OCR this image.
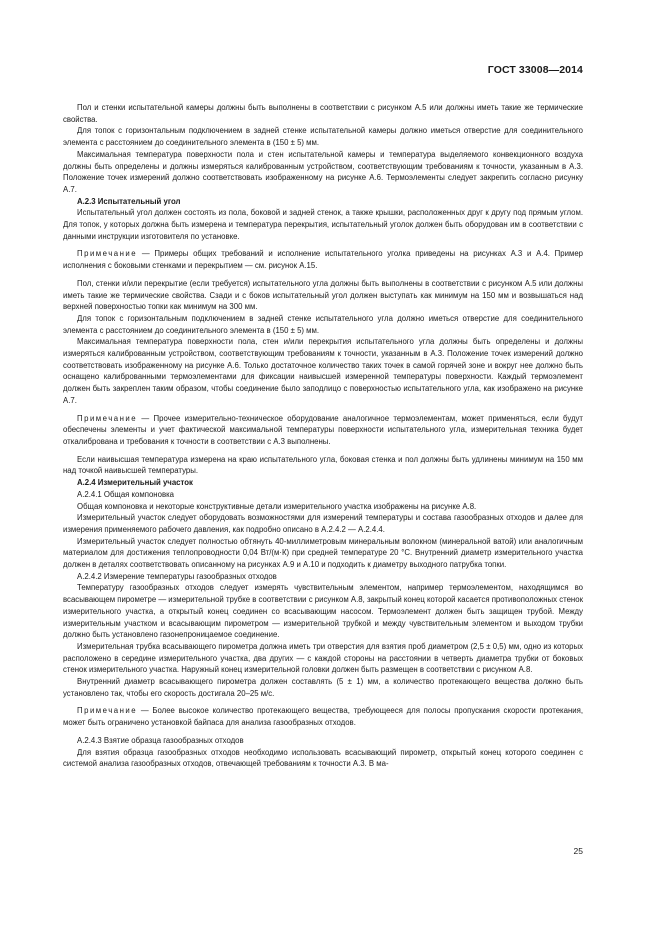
ГОСТ 33008—2014

Пол и стенки испытательной камеры должны быть выполнены в соответствии с рисунком А.5 или должны иметь такие же термические свойства.

Для топок с горизонтальным подключением в задней стенке испытательной камеры должно иметься отверстие для соединительного элемента с расстоянием до соединительного элемента в (150 ± 5) мм.

Максимальная температура поверхности пола и стен испытательной камеры и температура выделяемого конвекционного воздуха должны быть определены и должны измеряться калиброванным устройством, соответствующим требованиям к точности, указанным в А.3. Положение точек измерений должно соответствовать изображенному на рисунке А.6. Термоэлементы следует закрепить согласно рисунку А.7.

А.2.3 Испытательный угол

Испытательный угол должен состоять из пола, боковой и задней стенок, а также крышки, расположенных друг к другу под прямым углом. Для топок, у которых должна быть измерена и температура перекрытия, испытательный уголок должен быть оборудован им в соответствии с данными инструкции изготовителя по установке.

Примечание — Примеры общих требований и исполнение испытательного уголка приведены на рисунках А.3 и А.4. Пример исполнения с боковыми стенками и перекрытием — см. рисунок А.15.

Пол, стенки и/или перекрытие (если требуется) испытательного угла должны быть выполнены в соответствии с рисунком А.5 или должны иметь такие же термические свойства. Сзади и с боков испытательный угол должен выступать как минимум на 150 мм и возвышаться над верхней поверхностью топки как минимум на 300 мм.

Для топок с горизонтальным подключением в задней стенке испытательного угла должно иметься отверстие для соединительного элемента с расстоянием до соединительного элемента в (150 ± 5) мм.

Максимальная температура поверхности пола, стен и/или перекрытия испытательного угла должны быть определены и должны измеряться калиброванным устройством, соответствующим требованиям к точности, указанным в А.3. Положение точек измерений должно соответствовать изображенному на рисунке А.6. Только достаточное количество таких точек в самой горячей зоне и вокруг нее должно быть оснащено калиброванными термоэлементами для фиксации наивысшей измеренной температуры поверхности. Каждый термоэлемент должен быть закреплен таким образом, чтобы соединение было заподлицо с поверхностью испытательного угла, как изображено на рисунке А.7.

Примечание — Прочее измерительно-техническое оборудование аналогичное термоэлементам, может применяться, если будут обеспечены элементы и учет фактической максимальной температуры поверхности испытательного угла, измерительная техника будет откалиброванa и требования к точности в соответствии с А.3 выполнены.

Если наивысшая температура измерена на краю испытательного угла, боковая стенка и пол должны быть удлинены минимум на 150 мм над точкой наивысшей температуры.

А.2.4 Измерительный участок

А.2.4.1 Общая компоновка

Общая компоновка и некоторые конструктивные детали измерительного участка изображены на рисунке А.8.

Измерительный участок следует оборудовать возможностями для измерений температуры и состава газообразных отходов и далее для измерения применяемого рабочего давления, как подробно описано в А.2.4.2 — А.2.4.4.

Измерительный участок следует полностью обтянуть 40-миллиметровым минеральным волокном (минеральной ватой) или аналогичным материалом для достижения теплопроводности 0,04 Вт/(м·К) при средней температуре 20 °С. Внутренний диаметр измерительного участка должен в деталях соответствовать описанному на рисунках А.9 и А.10 и подходить к диаметру выходного патрубка топки.

А.2.4.2 Измерение температуры газообразных отходов

Температуру газообразных отходов следует измерять чувствительным элементом, например термоэлементом, находящимся во всасывающем пирометре — измерительной трубке в соответствии с рисунком А.8, закрытый конец которой касается противоположных стенок измерительного участка, а открытый конец соединен со всасывающим насосом. Термоэлемент должен быть защищен трубой. Между измерительным участком и всасывающим пирометром — измерительной трубкой и между чувствительным элементом и выходом трубки должно быть установлено газонепроницаемое соединение.

Измерительная трубка всасывающего пирометра должна иметь три отверстия для взятия проб диаметром (2,5 ± 0,5) мм, одно из которых расположено в середине измерительного участка, два других — с каждой стороны на расстоянии в четверть диаметра трубки от боковых стенок измерительного участка. Наружный конец измерительной головки должен быть размещен в соответствии с рисунком А.8.

Внутренний диаметр всасывающего пирометра должен составлять (5 ± 1) мм, а количество протекающего вещества должно быть установлено так, чтобы его скорость достигала 20–25 м/с.

Примечание — Более высокое количество протекающего вещества, требующееся для полосы пропускания скорости протекания, может быть ограничено установкой байпаса для анализа газообразных отходов.

А.2.4.3 Взятие образца газообразных отходов

Для взятия образца газообразных отходов необходимо использовать всасывающий пирометр, открытый конец которого соединен с системой анализа газообразных отходов, отвечающей требованиям к точности А.3. В ма-

25
